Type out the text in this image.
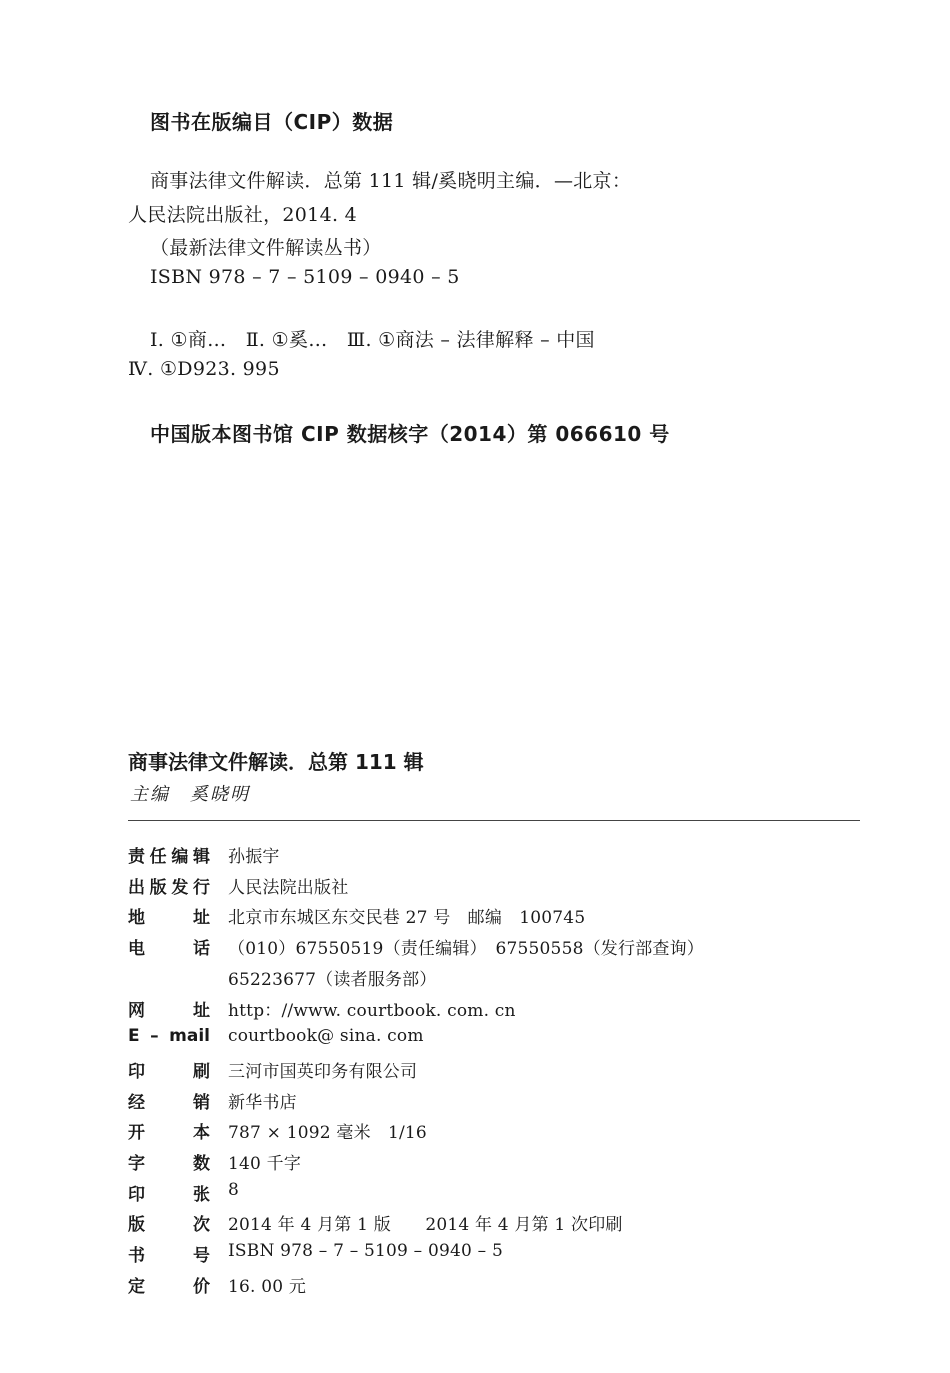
图书在版编目（CIP）数据
商事法律文件解读．总第 111 辑/奚晓明主编．—北京：
人民法院出版社，2014. 4
（最新法律文件解读丛书）
ISBN 978 – 7 – 5109 – 0940 – 5
Ⅰ. ①商…　Ⅱ. ①奚…　Ⅲ. ①商法 – 法律解释 – 中国
Ⅳ. ①D923. 995
中国版本图书馆 CIP 数据核字（2014）第 066610 号
商事法律文件解读．总第 111 辑
主编　奚晓明
责 任 编 辑 孙振宇
出 版 发 行 人民法院出版社
地	址 北京市东城区东交民巷 27 号　邮编　100745
电	话 （010）67550519（责任编辑）　67550558（发行部查询）
65223677（读者服务部）
网	址 http：//www. courtbook. com. cn
E – mail courtbook@ sina. com
印	刷 三河市国英印务有限公司
经	销 新华书店
开	本 787 × 1092 毫米　1/16
字	数 140 千字
印	张 8
版	次 2014 年 4 月第 1 版　　2014 年 4 月第 1 次印刷
书	号 ISBN 978 – 7 – 5109 – 0940 – 5
定	价 16. 00 元
